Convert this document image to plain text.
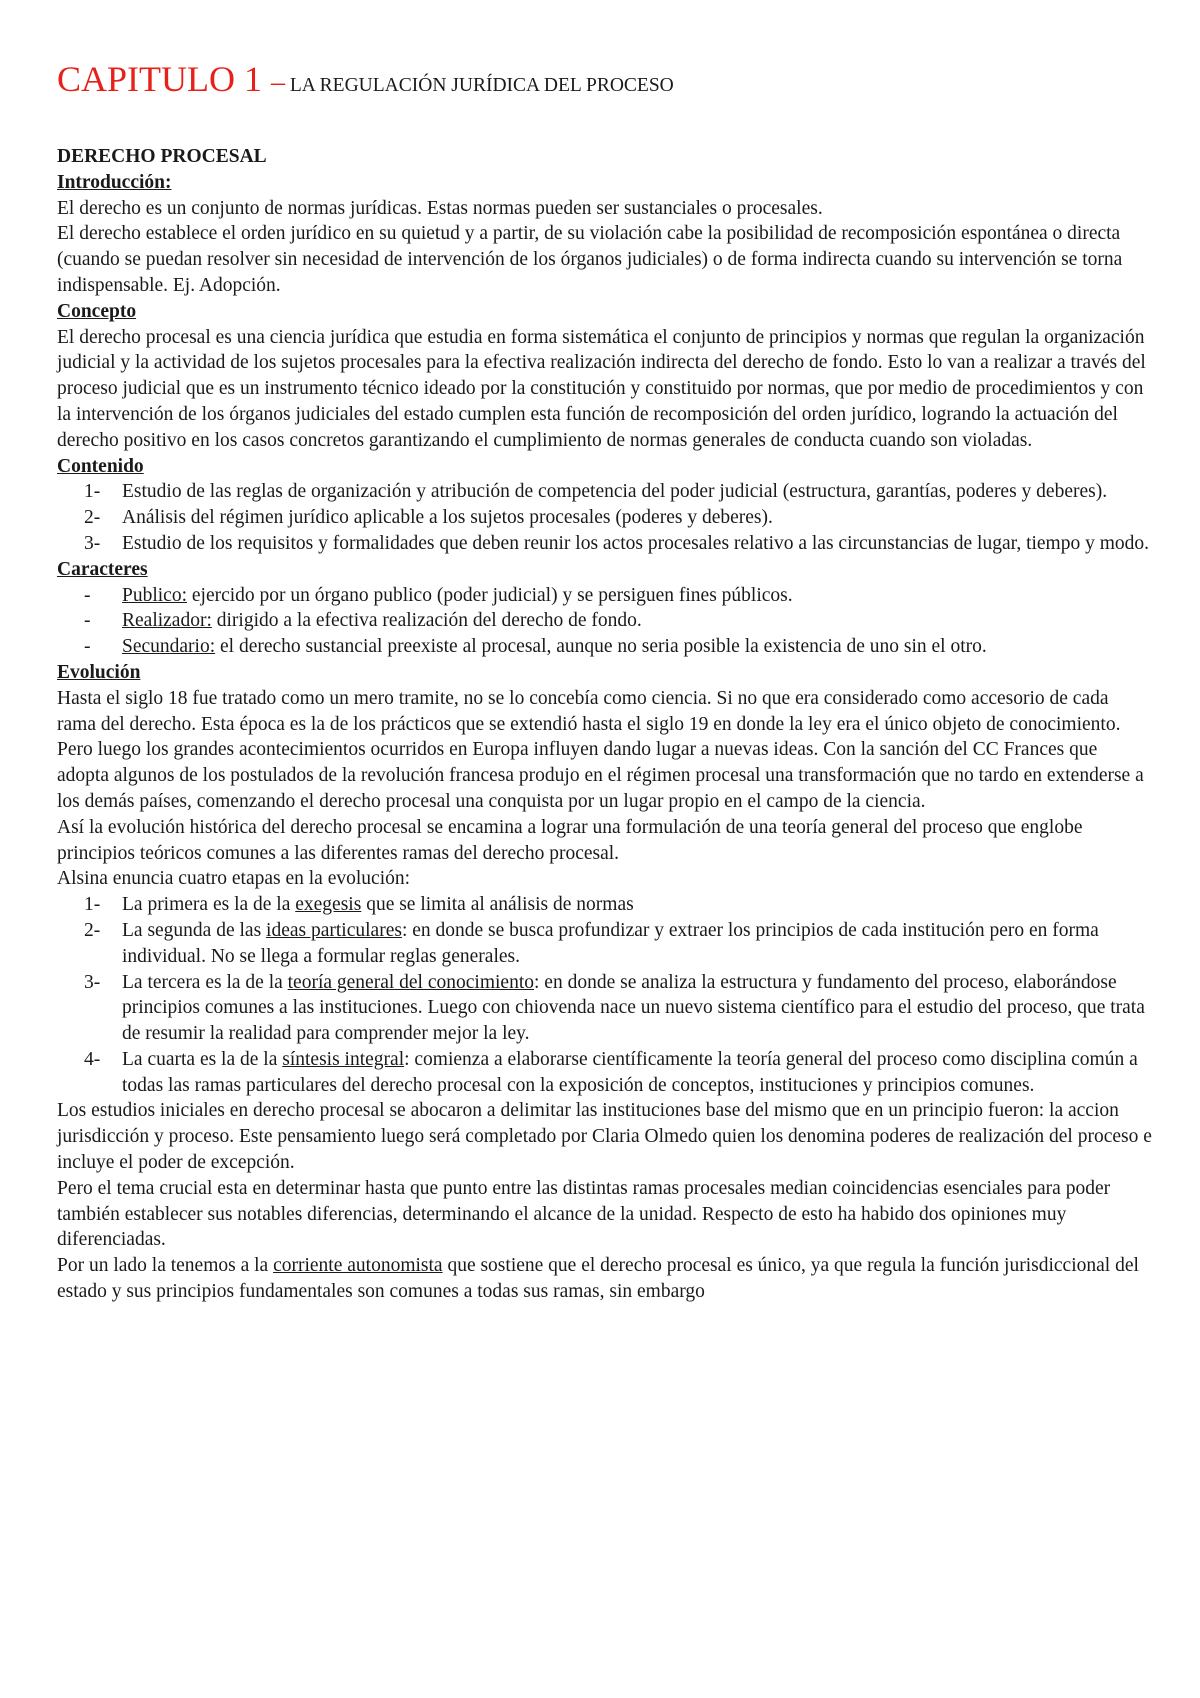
CAPITULO 1 – LA REGULACIÓN JURÍDICA DEL PROCESO

DERECHO PROCESAL

Introducción:

El derecho es un conjunto de normas jurídicas. Estas normas pueden ser sustanciales o procesales.

El derecho establece el orden jurídico en su quietud y a partir, de su violación cabe la posibilidad de recomposición espontánea o directa (cuando se puedan resolver sin necesidad de intervención de los órganos judiciales) o de forma indirecta cuando su intervención se torna indispensable. Ej. Adopción.

Concepto

El derecho procesal es una ciencia jurídica que estudia en forma sistemática el conjunto de principios y normas que regulan la organización judicial y la actividad de los sujetos procesales para la efectiva realización indirecta del derecho de fondo. Esto lo van a realizar a través del proceso judicial que es un instrumento técnico ideado por la constitución y constituido por normas, que por medio de procedimientos y con la intervención de los órganos judiciales del estado cumplen esta función de recomposición del orden jurídico, logrando la actuación del derecho positivo en los casos concretos garantizando el cumplimiento de normas generales de conducta cuando son violadas.

Contenido

1- Estudio de las reglas de organización y atribución de competencia del poder judicial (estructura, garantías, poderes y deberes).
2- Análisis del régimen jurídico aplicable a los sujetos procesales (poderes y deberes).
3- Estudio de los requisitos y formalidades que deben reunir los actos procesales relativo a las circunstancias de lugar, tiempo y modo.

Caracteres

- Publico: ejercido por un órgano publico (poder judicial) y se persiguen fines públicos.
- Realizador: dirigido a la efectiva realización del derecho de fondo.
- Secundario: el derecho sustancial preexiste al procesal, aunque no seria posible la existencia de uno sin el otro.

Evolución

Hasta el siglo 18 fue tratado como un mero tramite, no se lo concebía como ciencia. Si no que era considerado como accesorio de cada rama del derecho. Esta época es la de los prácticos que se extendió hasta el siglo 19 en donde la ley era el único objeto de conocimiento. Pero luego los grandes acontecimientos ocurridos en Europa influyen dando lugar a nuevas ideas. Con la sanción del CC Frances que adopta algunos de los postulados de la revolución francesa produjo en el régimen procesal una transformación que no tardo en extenderse a los demás países, comenzando el derecho procesal una conquista por un lugar propio en el campo de la ciencia.

Así la evolución histórica del derecho procesal se encamina a lograr una formulación de una teoría general del proceso que englobe principios teóricos comunes a las diferentes ramas del derecho procesal.

Alsina enuncia cuatro etapas en la evolución:

1- La primera es la de la exegesis que se limita al análisis de normas
2- La segunda de las ideas particulares: en donde se busca profundizar y extraer los principios de cada institución pero en forma individual. No se llega a formular reglas generales.
3- La tercera es la de la teoría general del conocimiento: en donde se analiza la estructura y fundamento del proceso, elaborándose principios comunes a las instituciones. Luego con chiovenda nace un nuevo sistema científico para el estudio del proceso, que trata de resumir la realidad para comprender mejor la ley.
4- La cuarta es la de la síntesis integral: comienza a elaborarse científicamente la teoría general del proceso como disciplina común a todas las ramas particulares del derecho procesal con la exposición de conceptos, instituciones y principios comunes.

Los estudios iniciales en derecho procesal se abocaron a delimitar las instituciones base del mismo que en un principio fueron: la accion jurisdicción y proceso. Este pensamiento luego será completado por Claria Olmedo quien los denomina poderes de realización del proceso e incluye el poder de excepción.

Pero el tema crucial esta en determinar hasta que punto entre las distintas ramas procesales median coincidencias esenciales para poder también establecer sus notables diferencias, determinando el alcance de la unidad. Respecto de esto ha habido dos opiniones muy diferenciadas.

Por un lado la tenemos a la corriente autonomista que sostiene que el derecho procesal es único, ya que regula la función jurisdiccional del estado y sus principios fundamentales son comunes a todas sus ramas, sin embargo
